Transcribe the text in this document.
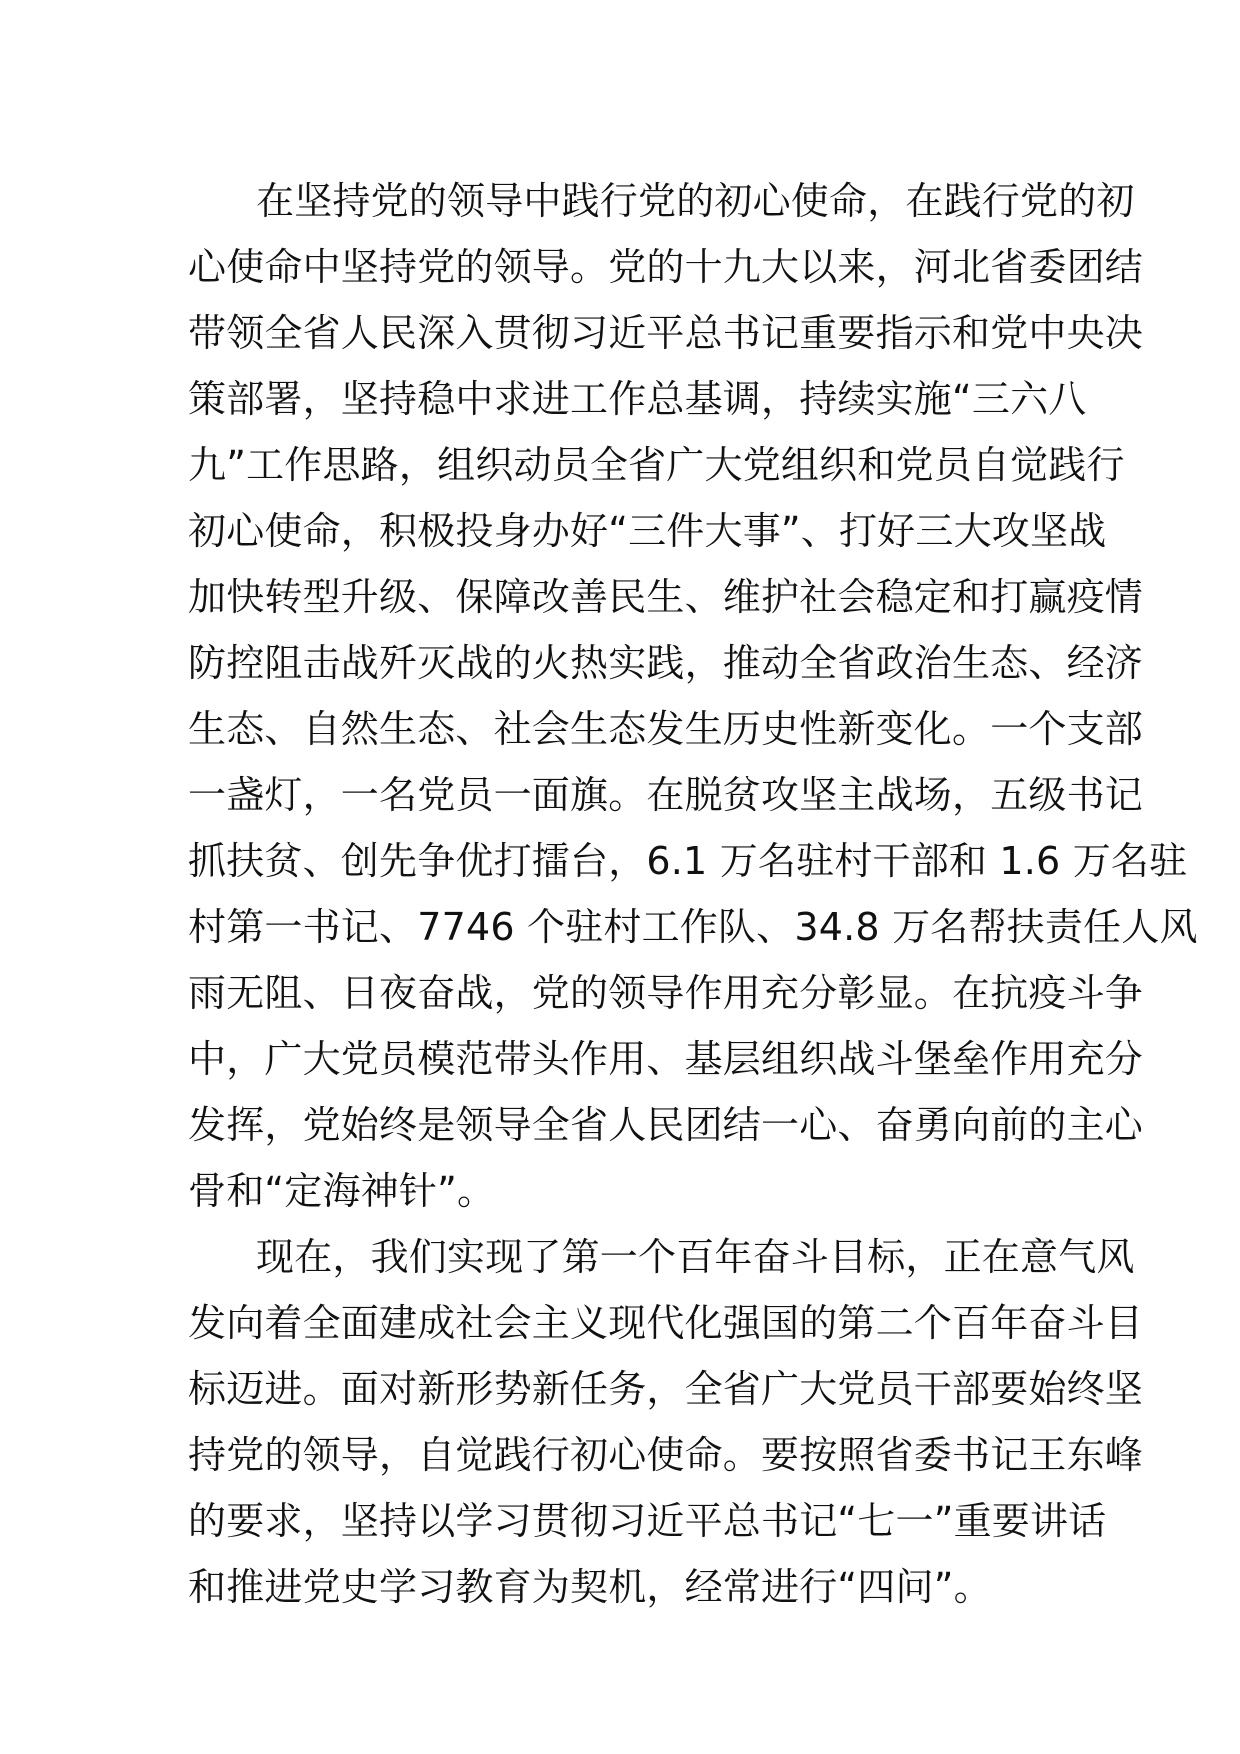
在坚持党的领导中践行党的初心使命，在践行党的初
心使命中坚持党的领导。党的十九大以来，河北省委团结
带领全省人民深入贯彻习近平总书记重要指示和党中央决
策部署，坚持稳中求进工作总基调，持续实施“三六八
九”工作思路，组织动员全省广大党组织和党员自觉践行
初心使命，积极投身办好“三件大事”、打好三大攻坚战
加快转型升级、保障改善民生、维护社会稳定和打赢疫情
防控阻击战歼灭战的火热实践，推动全省政治生态、经济
生态、自然生态、社会生态发生历史性新变化。一个支部
一盏灯，一名党员一面旗。在脱贫攻坚主战场，五级书记
抓扶贫、创先争优打擂台，6.1 万名驻村干部和 1.6 万名驻
村第一书记、7746 个驻村工作队、34.8 万名帮扶责任人风
雨无阻、日夜奋战，党的领导作用充分彰显。在抗疫斗争
中，广大党员模范带头作用、基层组织战斗堡垒作用充分
发挥，党始终是领导全省人民团结一心、奋勇向前的主心
骨和“定海神针”。
现在，我们实现了第一个百年奋斗目标，正在意气风
发向着全面建成社会主义现代化强国的第二个百年奋斗目
标迈进。面对新形势新任务，全省广大党员干部要始终坚
持党的领导，自觉践行初心使命。要按照省委书记王东峰
的要求，坚持以学习贯彻习近平总书记“七一”重要讲话
和推进党史学习教育为契机，经常进行“四问”。
